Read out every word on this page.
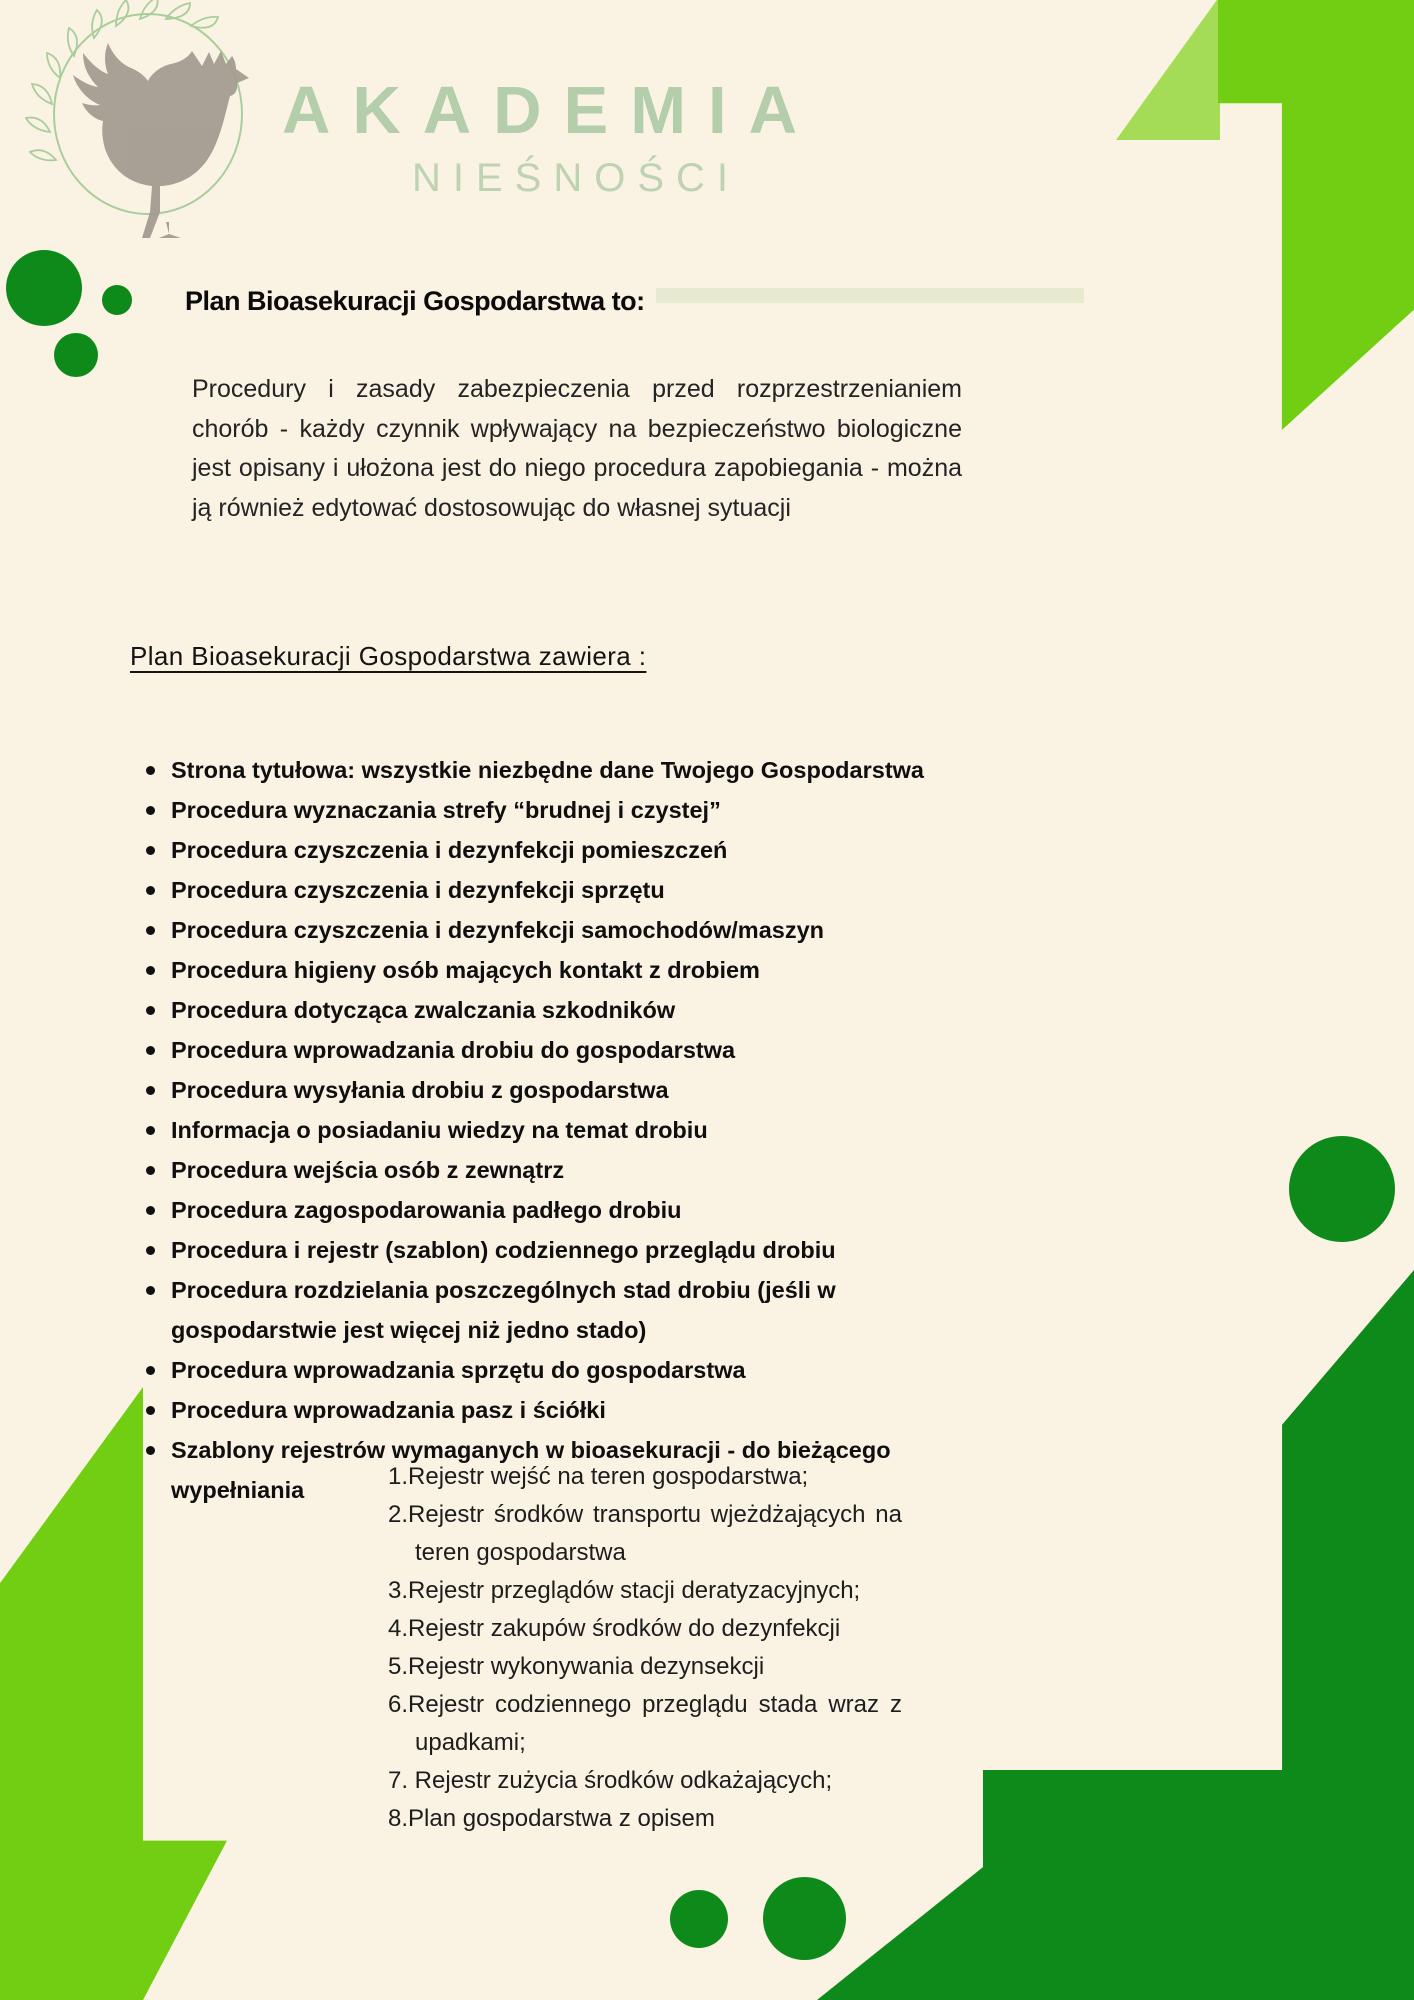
AKADEMIA
NIEŚNOŚCI
Plan Bioasekuracji Gospodarstwa to:
Procedury i zasady zabezpieczenia przed rozprzestrzenianiem chorób - każdy czynnik wpływający na bezpieczeństwo biologiczne jest opisany i ułożona jest do niego procedura zapobiegania - można ją również edytować dostosowując do własnej sytuacji
Plan Bioasekuracji Gospodarstwa zawiera :
Strona tytułowa: wszystkie niezbędne dane Twojego Gospodarstwa
Procedura wyznaczania strefy “brudnej i czystej”
Procedura czyszczenia i dezynfekcji pomieszczeń
Procedura czyszczenia i dezynfekcji sprzętu
Procedura czyszczenia i dezynfekcji samochodów/maszyn
Procedura higieny osób mających kontakt z drobiem
Procedura dotycząca zwalczania szkodników
Procedura wprowadzania drobiu do gospodarstwa
Procedura wysyłania drobiu z gospodarstwa
Informacja o posiadaniu wiedzy na temat drobiu
Procedura wejścia osób z zewnątrz
Procedura zagospodarowania padłego drobiu
Procedura i rejestr (szablon) codziennego przeglądu drobiu
Procedura rozdzielania poszczególnych stad drobiu (jeśli w gospodarstwie jest więcej niż jedno stado)
Procedura wprowadzania sprzętu do gospodarstwa
Procedura wprowadzania pasz i ściółki
Szablony rejestrów wymaganych w bioasekuracji - do bieżącego wypełniania	1.Rejestr wejść na teren gospodarstwa;
2.Rejestr środków transportu wjeżdżających na teren gospodarstwa
3.Rejestr przeglądów stacji deratyzacyjnych;
4.Rejestr zakupów środków do dezynfekcji
5.Rejestr wykonywania dezynsekcji
6.Rejestr codziennego przeglądu stada wraz z upadkami;
7. Rejestr zużycia środków odkażających;
8.Plan gospodarstwa z opisem
